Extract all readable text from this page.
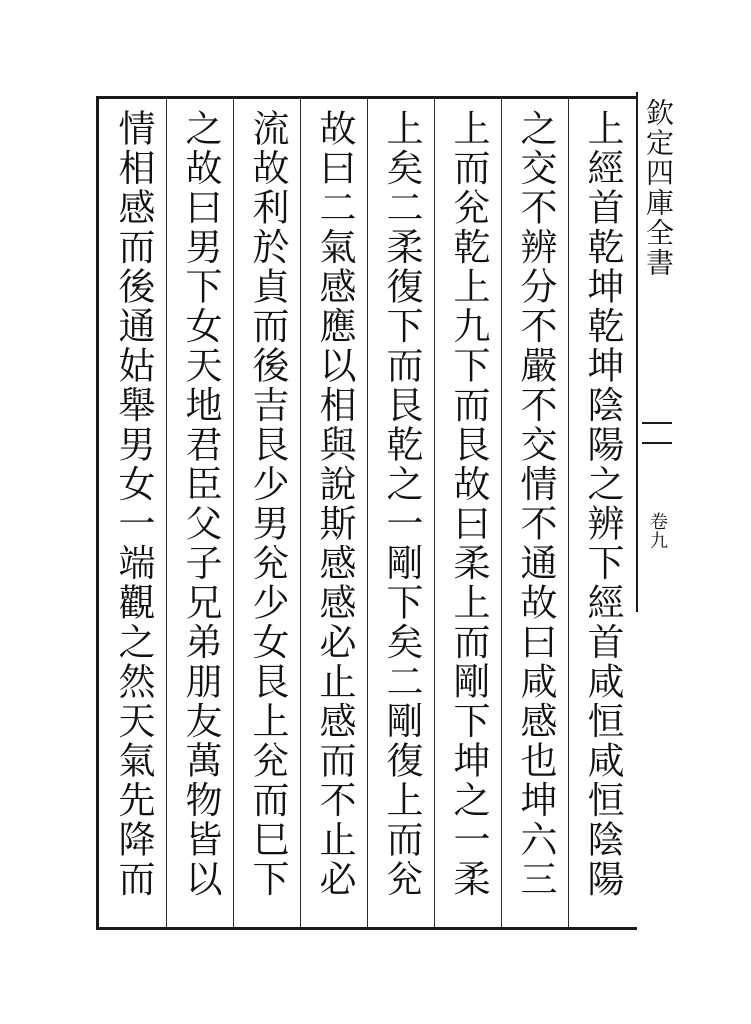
欽定四庫全書
卷九
上經首乾坤乾坤陰陽之辨下經首咸恒咸恒陰陽
之交不辨分不嚴不交情不通故曰咸感也坤六三
上而兊乾上九下而艮故曰柔上而剛下坤之一柔
上矣二柔復下而艮乾之一剛下矣二剛復上而兊
故曰二氣感應以相與說斯感感必止感而不止必
流故利於貞而後吉艮少男兊少女艮上兊而巳下
之故曰男下女天地君臣父子兄弟朋友萬物皆以
情相感而後通姑舉男女一端觀之然天氣先降而
